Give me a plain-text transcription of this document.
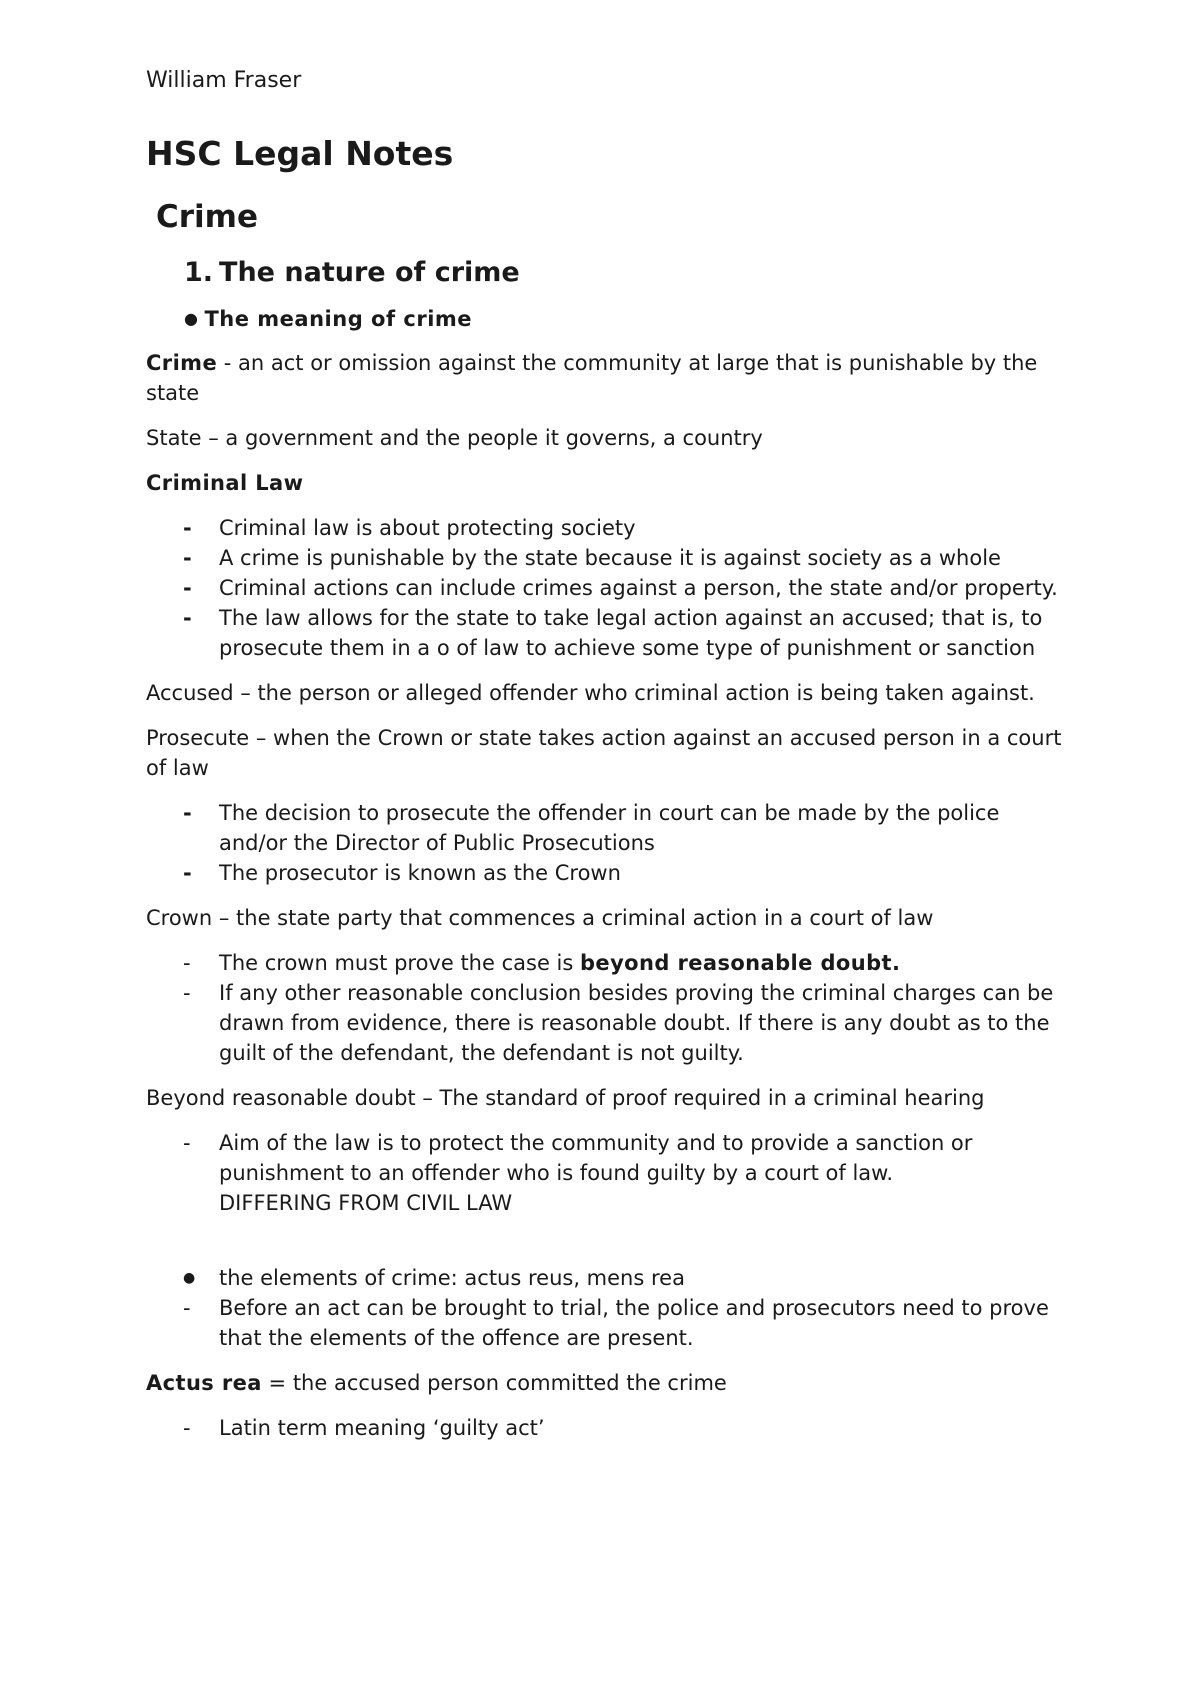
William Fraser
HSC Legal Notes
Crime
1. The nature of crime
● The meaning of crime

Crime - an act or omission against the community at large that is punishable by the state

State – a government and the people it governs, a country

Criminal Law

-	Criminal law is about protecting society
-	A crime is punishable by the state because it is against society as a whole
-	Criminal actions can include crimes against a person, the state and/or property.
-	The law allows for the state to take legal action against an accused; that is, to prosecute them in a o of law to achieve some type of punishment or sanction

Accused – the person or alleged offender who criminal action is being taken against.

Prosecute – when the Crown or state takes action against an accused person in a court of law

-	The decision to prosecute the offender in court can be made by the police and/or the Director of Public Prosecutions
-	The prosecutor is known as the Crown

Crown – the state party that commences a criminal action in a court of law

-	The crown must prove the case is beyond reasonable doubt.
-	If any other reasonable conclusion besides proving the criminal charges can be drawn from evidence, there is reasonable doubt. If there is any doubt as to the guilt of the defendant, the defendant is not guilty.

Beyond reasonable doubt – The standard of proof required in a criminal hearing

-	Aim of the law is to protect the community and to provide a sanction or punishment to an offender who is found guilty by a court of law.
DIFFERING FROM CIVIL LAW
●	the elements of crime: actus reus, mens rea
-	Before an act can be brought to trial, the police and prosecutors need to prove that the elements of the offence are present.

Actus rea = the accused person committed the crime

-	Latin term meaning ‘guilty act’
